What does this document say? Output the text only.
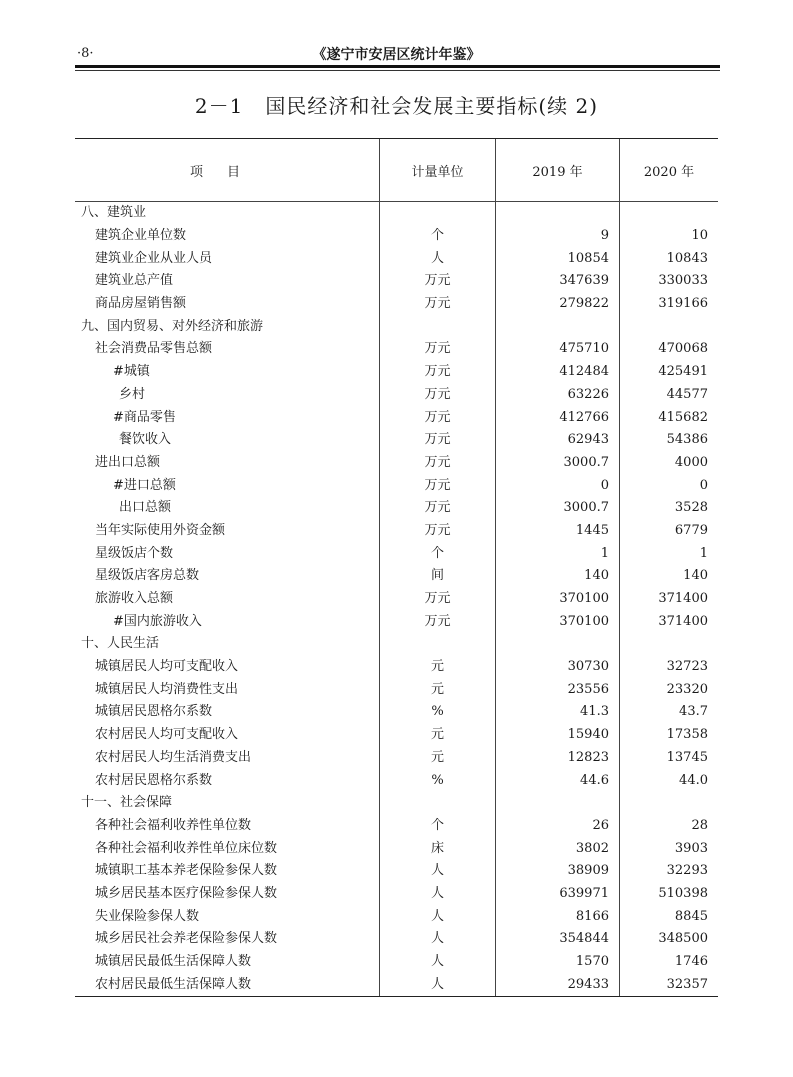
·8·	《遂宁市安居区统计年鉴》
2－1 国民经济和社会发展主要指标(续 2)
项目	计量单位	2019 年	2020 年
八、建筑业			
建筑企业单位数	个	9	10
建筑业企业从业人员	人	10854	10843
建筑业总产值	万元	347639	330033
商品房屋销售额	万元	279822	319166
九、国内贸易、对外经济和旅游			
社会消费品零售总额	万元	475710	470068
#城镇	万元	412484	425491
乡村	万元	63226	44577
#商品零售	万元	412766	415682
餐饮收入	万元	62943	54386
进出口总额	万元	3000.7	4000
#进口总额	万元	0	0
出口总额	万元	3000.7	3528
当年实际使用外资金额	万元	1445	6779
星级饭店个数	个	1	1
星级饭店客房总数	间	140	140
旅游收入总额	万元	370100	371400
#国内旅游收入	万元	370100	371400
十、人民生活			
城镇居民人均可支配收入	元	30730	32723
城镇居民人均消费性支出	元	23556	23320
城镇居民恩格尔系数	%	41.3	43.7
农村居民人均可支配收入	元	15940	17358
农村居民人均生活消费支出	元	12823	13745
农村居民恩格尔系数	%	44.6	44.0
十一、社会保障			
各种社会福利收养性单位数	个	26	28
各种社会福利收养性单位床位数	床	3802	3903
城镇职工基本养老保险参保人数	人	38909	32293
城乡居民基本医疗保险参保人数	人	639971	510398
失业保险参保人数	人	8166	8845
城乡居民社会养老保险参保人数	人	354844	348500
城镇居民最低生活保障人数	人	1570	1746
农村居民最低生活保障人数	人	29433	32357
